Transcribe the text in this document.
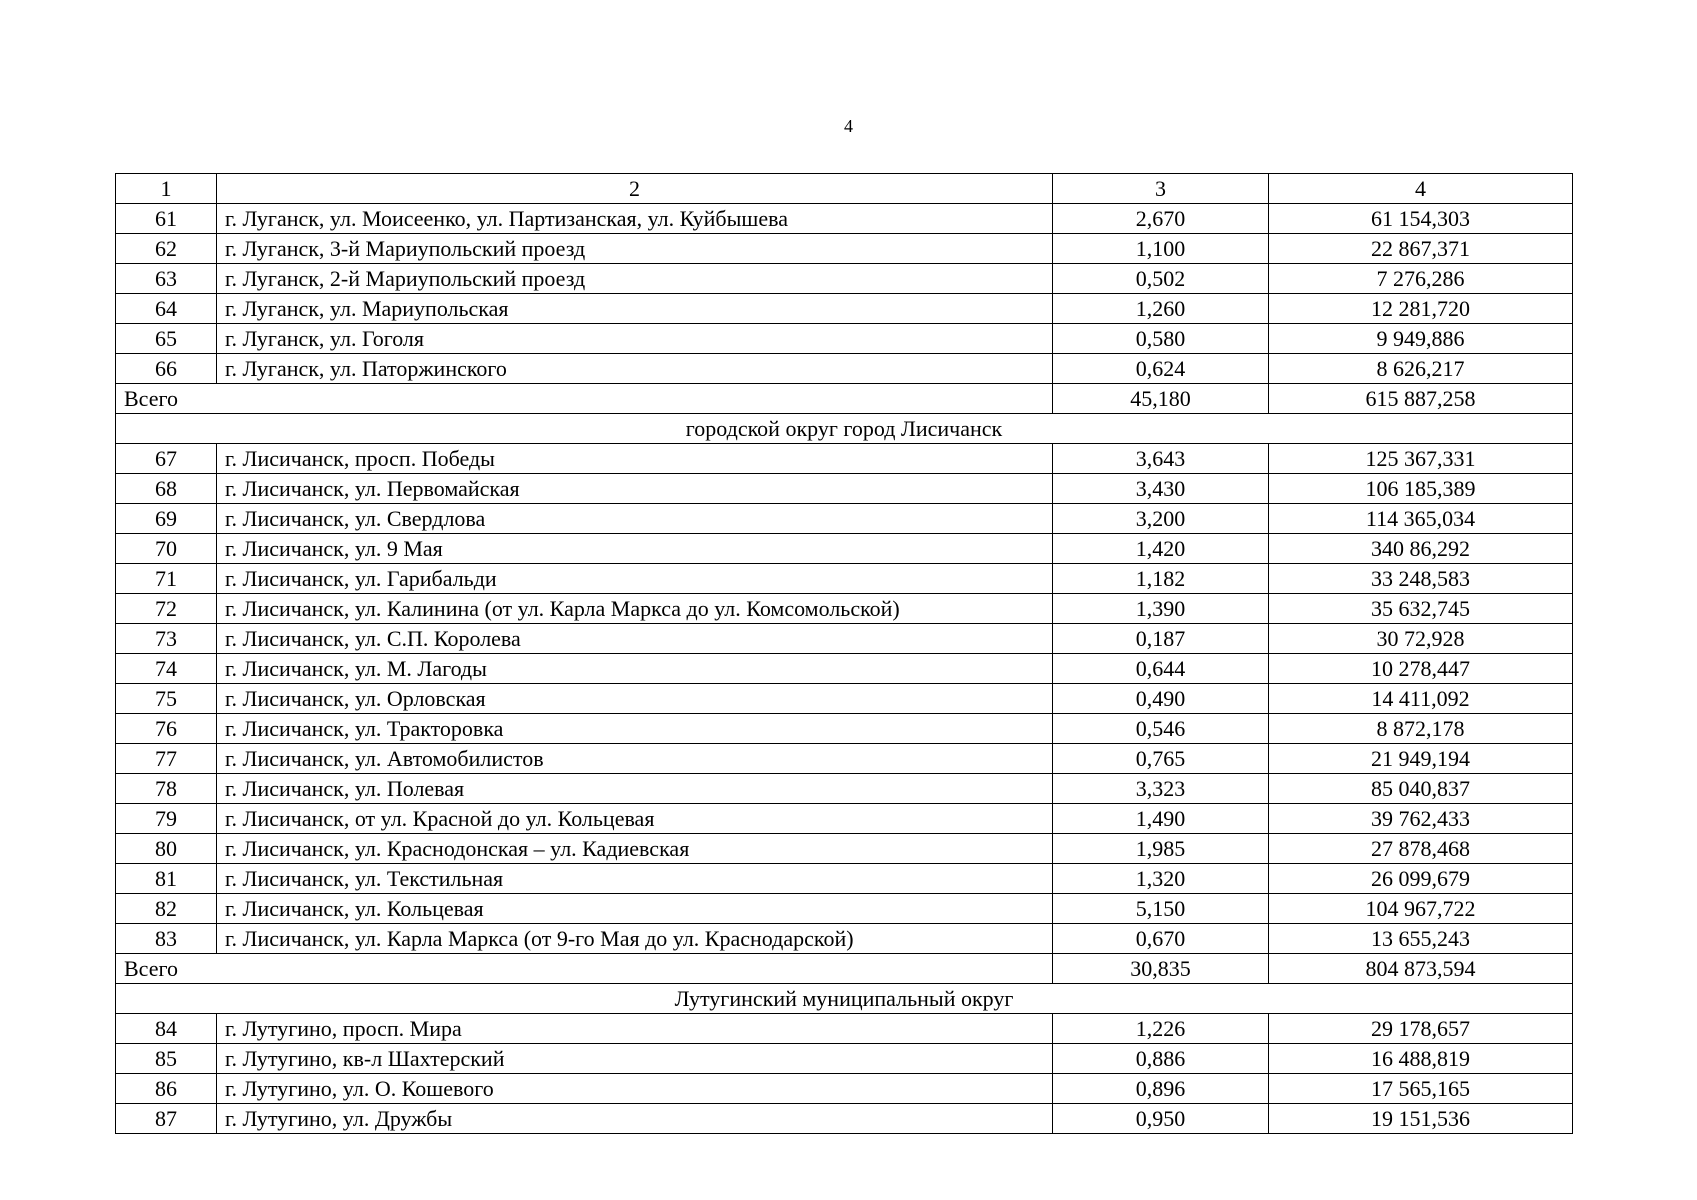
4
1	2	3	4
61	г. Луганск, ул. Моисеенко, ул. Партизанская, ул. Куйбышева	2,670	61 154,303
62	г. Луганск, 3-й Мариупольский проезд	1,100	22 867,371
63	г. Луганск, 2-й Мариупольский проезд	0,502	7 276,286
64	г. Луганск, ул. Мариупольская	1,260	12 281,720
65	г. Луганск, ул. Гоголя	0,580	9 949,886
66	г. Луганск, ул. Паторжинского	0,624	8 626,217
Всего		45,180	615 887,258
городской округ город Лисичанск			
67	г. Лисичанск, просп. Победы	3,643	125 367,331
68	г. Лисичанск, ул. Первомайская	3,430	106 185,389
69	г. Лисичанск, ул. Свердлова	3,200	114 365,034
70	г. Лисичанск, ул. 9 Мая	1,420	340 86,292
71	г. Лисичанск, ул. Гарибальди	1,182	33 248,583
72	г. Лисичанск, ул. Калинина (от ул. Карла Маркса до ул. Комсомольской)	1,390	35 632,745
73	г. Лисичанск, ул. С.П. Королева	0,187	30 72,928
74	г. Лисичанск, ул. М. Лагоды	0,644	10 278,447
75	г. Лисичанск, ул. Орловская	0,490	14 411,092
76	г. Лисичанск, ул. Тракторовка	0,546	8 872,178
77	г. Лисичанск, ул. Автомобилистов	0,765	21 949,194
78	г. Лисичанск, ул. Полевая	3,323	85 040,837
79	г. Лисичанск, от ул. Красной до ул. Кольцевая	1,490	39 762,433
80	г. Лисичанск, ул. Краснодонская – ул. Кадиевская	1,985	27 878,468
81	г. Лисичанск, ул. Текстильная	1,320	26 099,679
82	г. Лисичанск, ул. Кольцевая	5,150	104 967,722
83	г. Лисичанск, ул. Карла Маркса (от 9-го Мая до ул. Краснодарской)	0,670	13 655,243
Всего		30,835	804 873,594
Лутугинский муниципальный округ			
84	г. Лутугино, просп. Мира	1,226	29 178,657
85	г. Лутугино, кв-л Шахтерский	0,886	16 488,819
86	г. Лутугино, ул. О. Кошевого	0,896	17 565,165
87	г. Лутугино, ул. Дружбы	0,950	19 151,536
